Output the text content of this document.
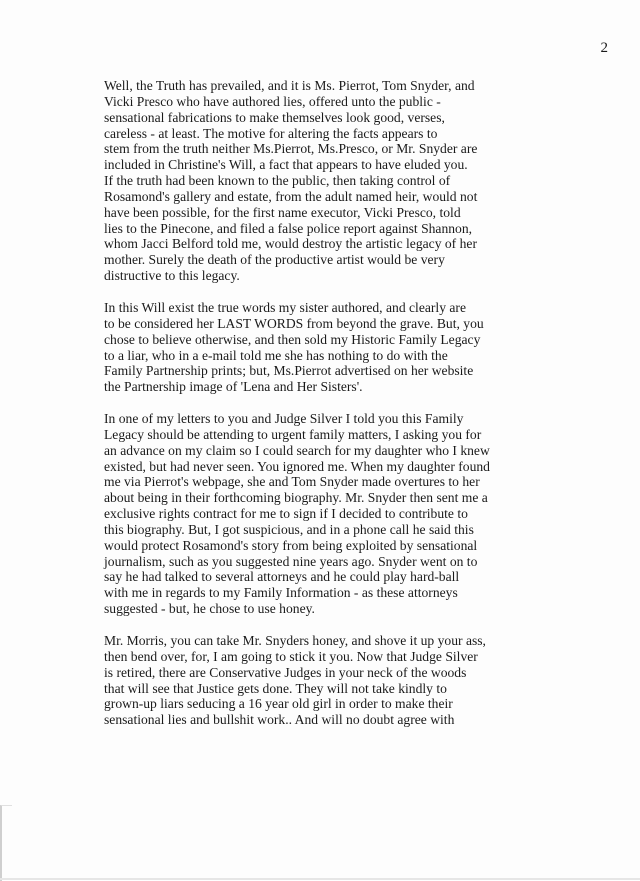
2

Well, the Truth has prevailed, and it is Ms. Pierrot, Tom Snyder, and
Vicki Presco who have authored lies, offered unto the public -
sensational fabrications to make themselves look good, verses,
careless - at least. The motive for altering the facts appears to
stem from the truth neither Ms.Pierrot, Ms.Presco, or Mr. Snyder are
included in Christine's Will, a fact that appears to have eluded you.
If the truth had been known to the public, then taking control of
Rosamond's gallery and estate, from the adult named heir, would not
have been possible, for the first name executor, Vicki Presco, told
lies to the Pinecone, and filed a false police report against Shannon,
whom Jacci Belford told me, would destroy the artistic legacy of her
mother. Surely the death of the productive artist would be very
distructive to this legacy.

In this Will exist the true words my sister authored, and clearly are
to be considered her LAST WORDS from beyond the grave. But, you
chose to believe otherwise, and then sold my Historic Family Legacy
to a liar, who in a e-mail told me she has nothing to do with the
Family Partnership prints; but, Ms.Pierrot advertised on her website
the Partnership image of 'Lena and Her Sisters'.

In one of my letters to you and Judge Silver I told you this Family
Legacy should be attending to urgent family matters, I asking you for
an advance on my claim so I could search for my daughter who I knew
existed, but had never seen. You ignored me. When my daughter found
me via Pierrot's webpage, she and Tom Snyder made overtures to her
about being in their forthcoming biography. Mr. Snyder then sent me a
exclusive rights contract for me to sign if I decided to contribute to
this biography. But, I got suspicious, and in a phone call he said this
would protect Rosamond's story from being exploited by sensational
journalism, such as you suggested nine years ago. Snyder went on to
say he had talked to several attorneys and he could play hard-ball
with me in regards to my Family Information - as these attorneys
suggested - but, he chose to use honey.

Mr. Morris, you can take Mr. Snyders honey, and shove it up your ass,
then bend over, for, I am going to stick it you. Now that Judge Silver
is retired, there are Conservative Judges in your neck of the woods
that will see that Justice gets done. They will not take kindly to
grown-up liars seducing a 16 year old girl in order to make their
sensational lies and bullshit work.. And will no doubt agree with
